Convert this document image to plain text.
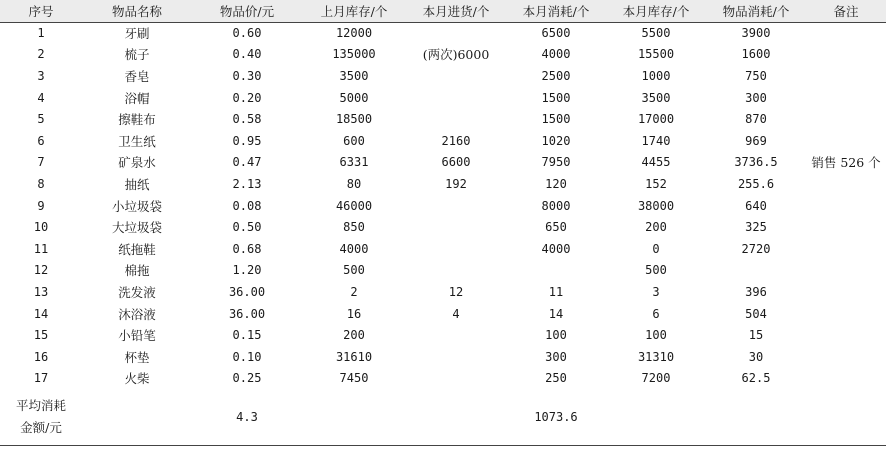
序号	物品名称	物品价/元	上月库存/个	本月进货/个	本月消耗/个	本月库存/个	物品消耗/个	备注
1	牙刷	0.60	12000		6500	5500	3900	
2	梳子	0.40	135000	(两次)6000	4000	15500	1600	
3	香皂	0.30	3500		2500	1000	750	
4	浴帽	0.20	5000		1500	3500	300	
5	擦鞋布	0.58	18500		1500	17000	870	
6	卫生纸	0.95	600	2160	1020	1740	969	
7	矿泉水	0.47	6331	6600	7950	4455	3736.5	销售 526 个
8	抽纸	2.13	80	192	120	152	255.6	
9	小垃圾袋	0.08	46000		8000	38000	640	
10	大垃圾袋	0.50	850		650	200	325	
11	纸拖鞋	0.68	4000		4000	0	2720	
12	棉拖	1.20	500			500		
13	洗发液	36.00	2	12	11	3	396	
14	沐浴液	36.00	16	4	14	6	504	
15	小铅笔	0.15	200		100	100	15	
16	杯垫	0.10	31610		300	31310	30	
17	火柴	0.25	7450		250	7200	62.5	

平均消耗
金额/元		4.3			1073.6			
